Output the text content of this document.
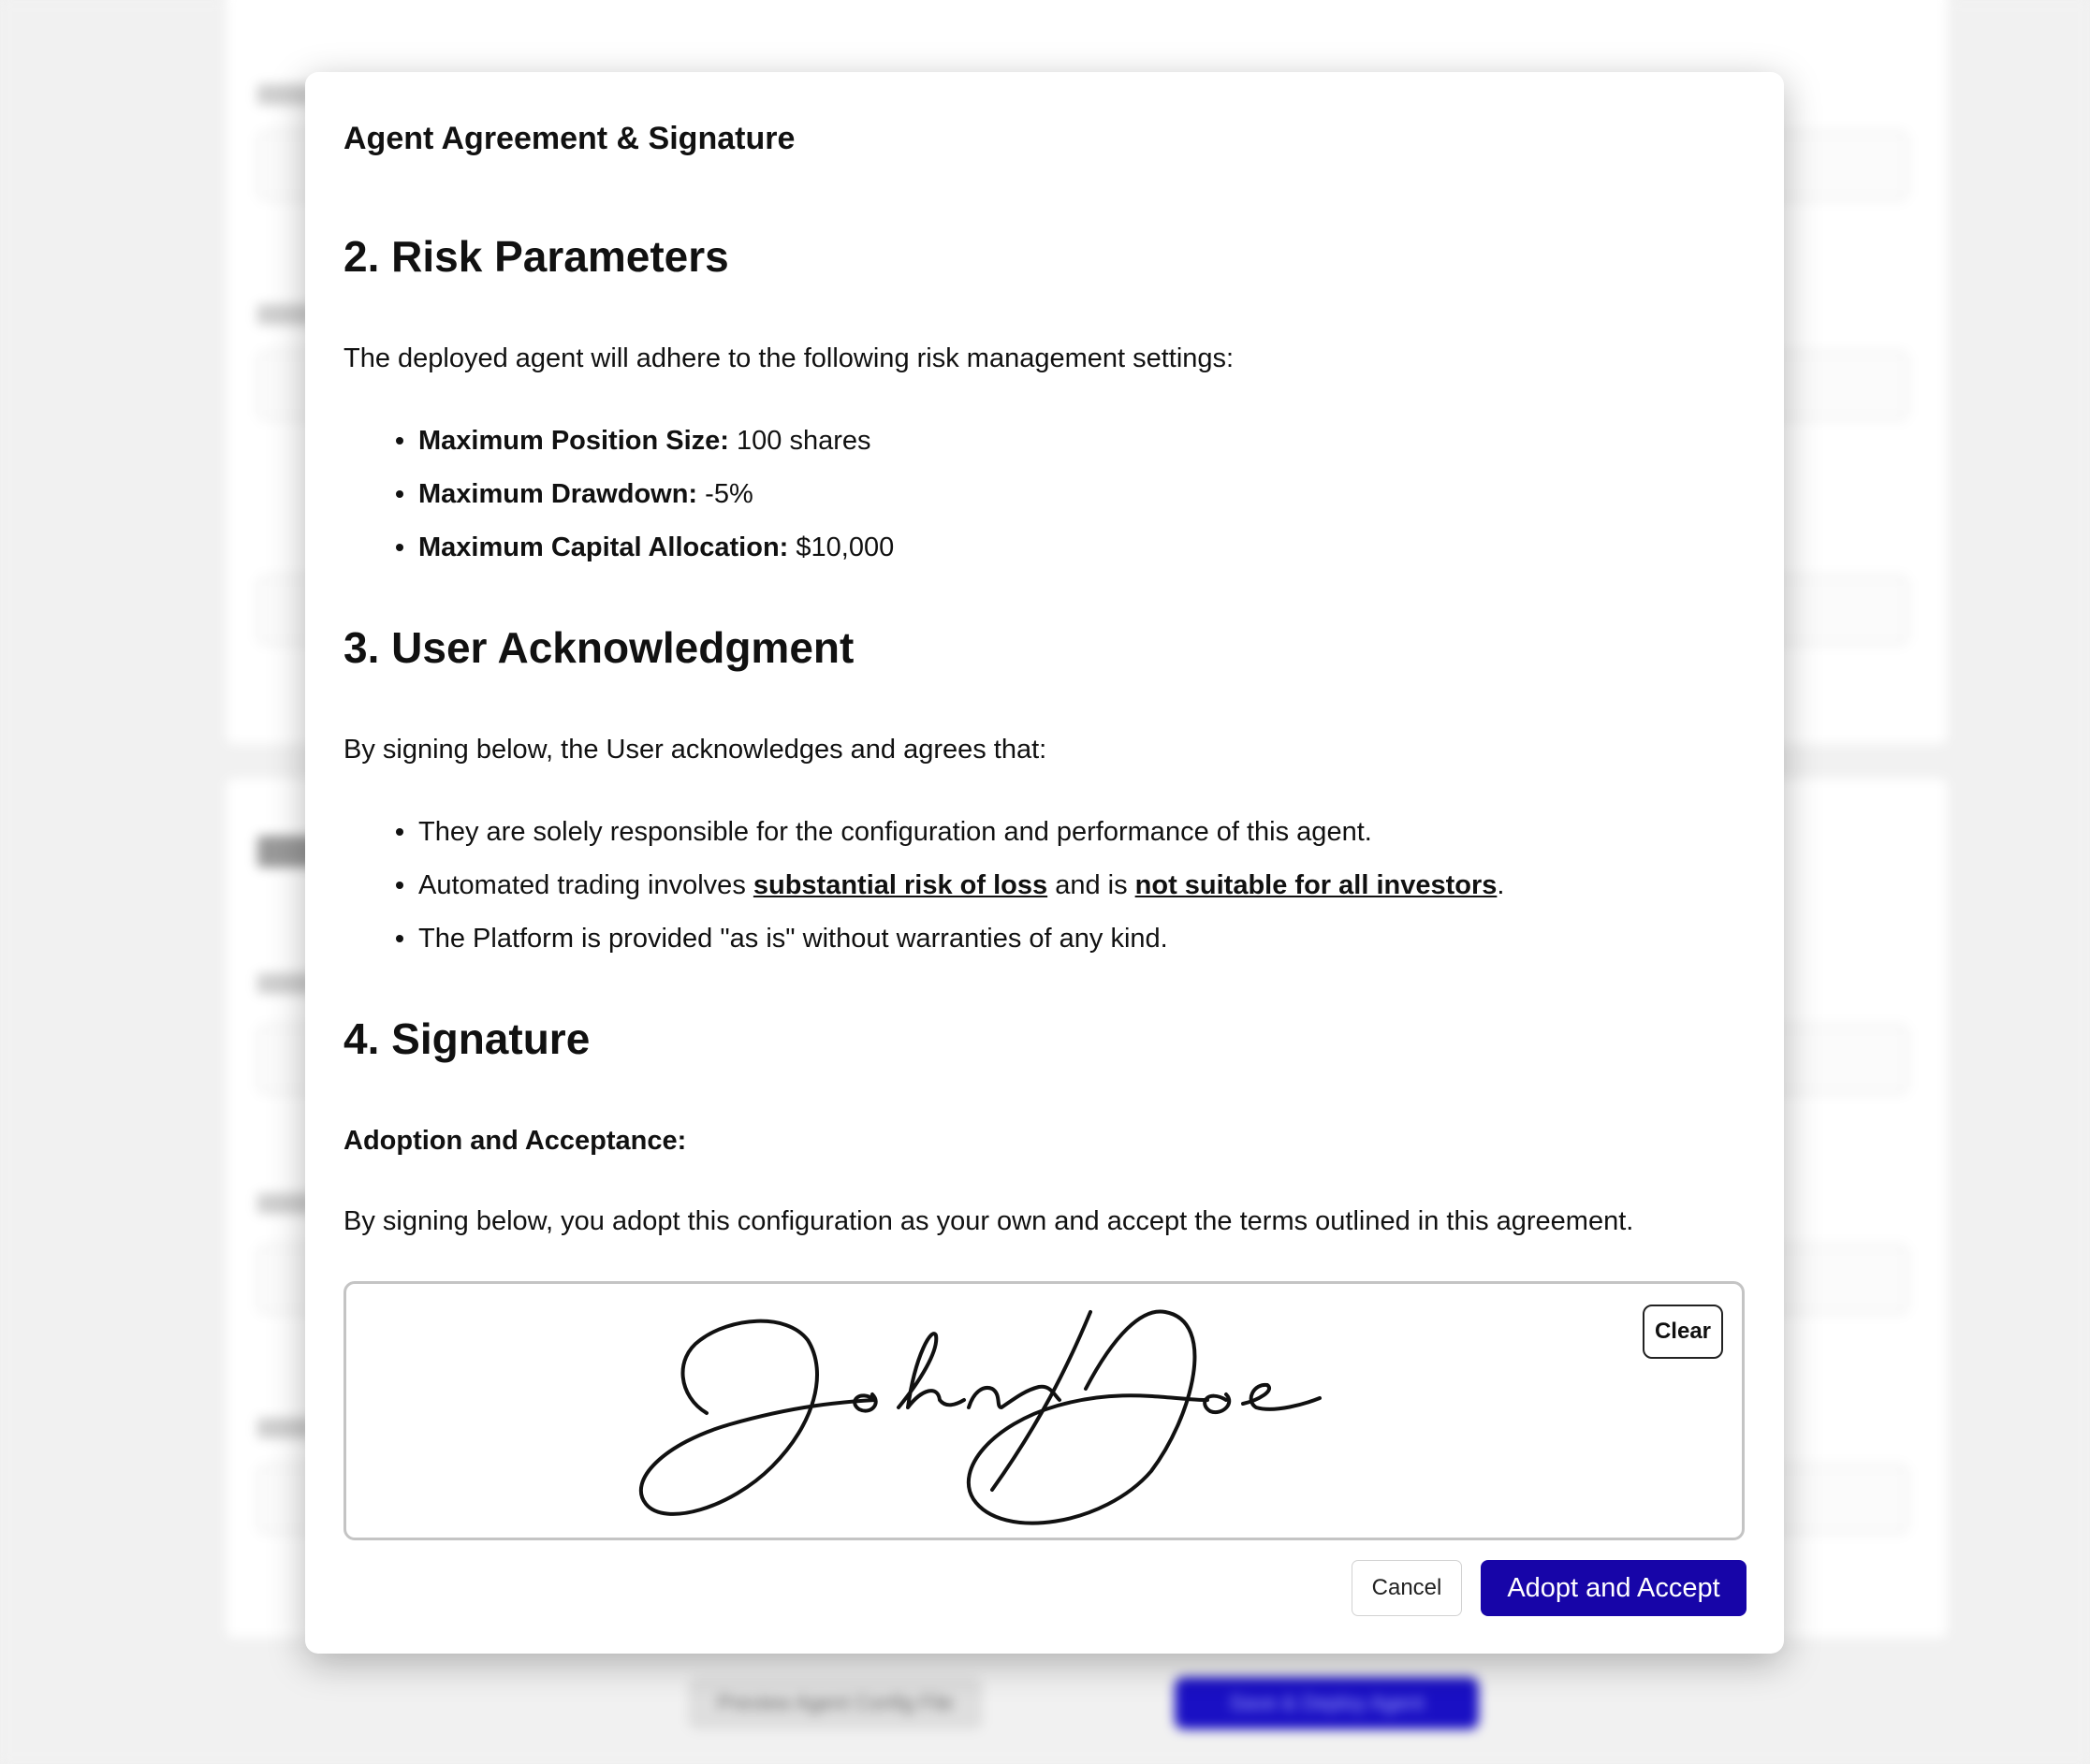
Preview Agent Config File	Save & Deploy Agent
Agent Agreement & Signature
2. Risk Parameters

The deployed agent will adhere to the following risk management settings:

Maximum Position Size: 100 shares
Maximum Drawdown: -5%
Maximum Capital Allocation: $10,000
3. User Acknowledgment

By signing below, the User acknowledges and agrees that:

They are solely responsible for the configuration and performance of this agent.
Automated trading involves substantial risk of loss and is not suitable for all investors.
The Platform is provided "as is" without warranties of any kind.
4. Signature

Adoption and Acceptance:

By signing below, you adopt this configuration as your own and accept the terms outlined in this agreement.

Clear
Cancel	Adopt and Accept
